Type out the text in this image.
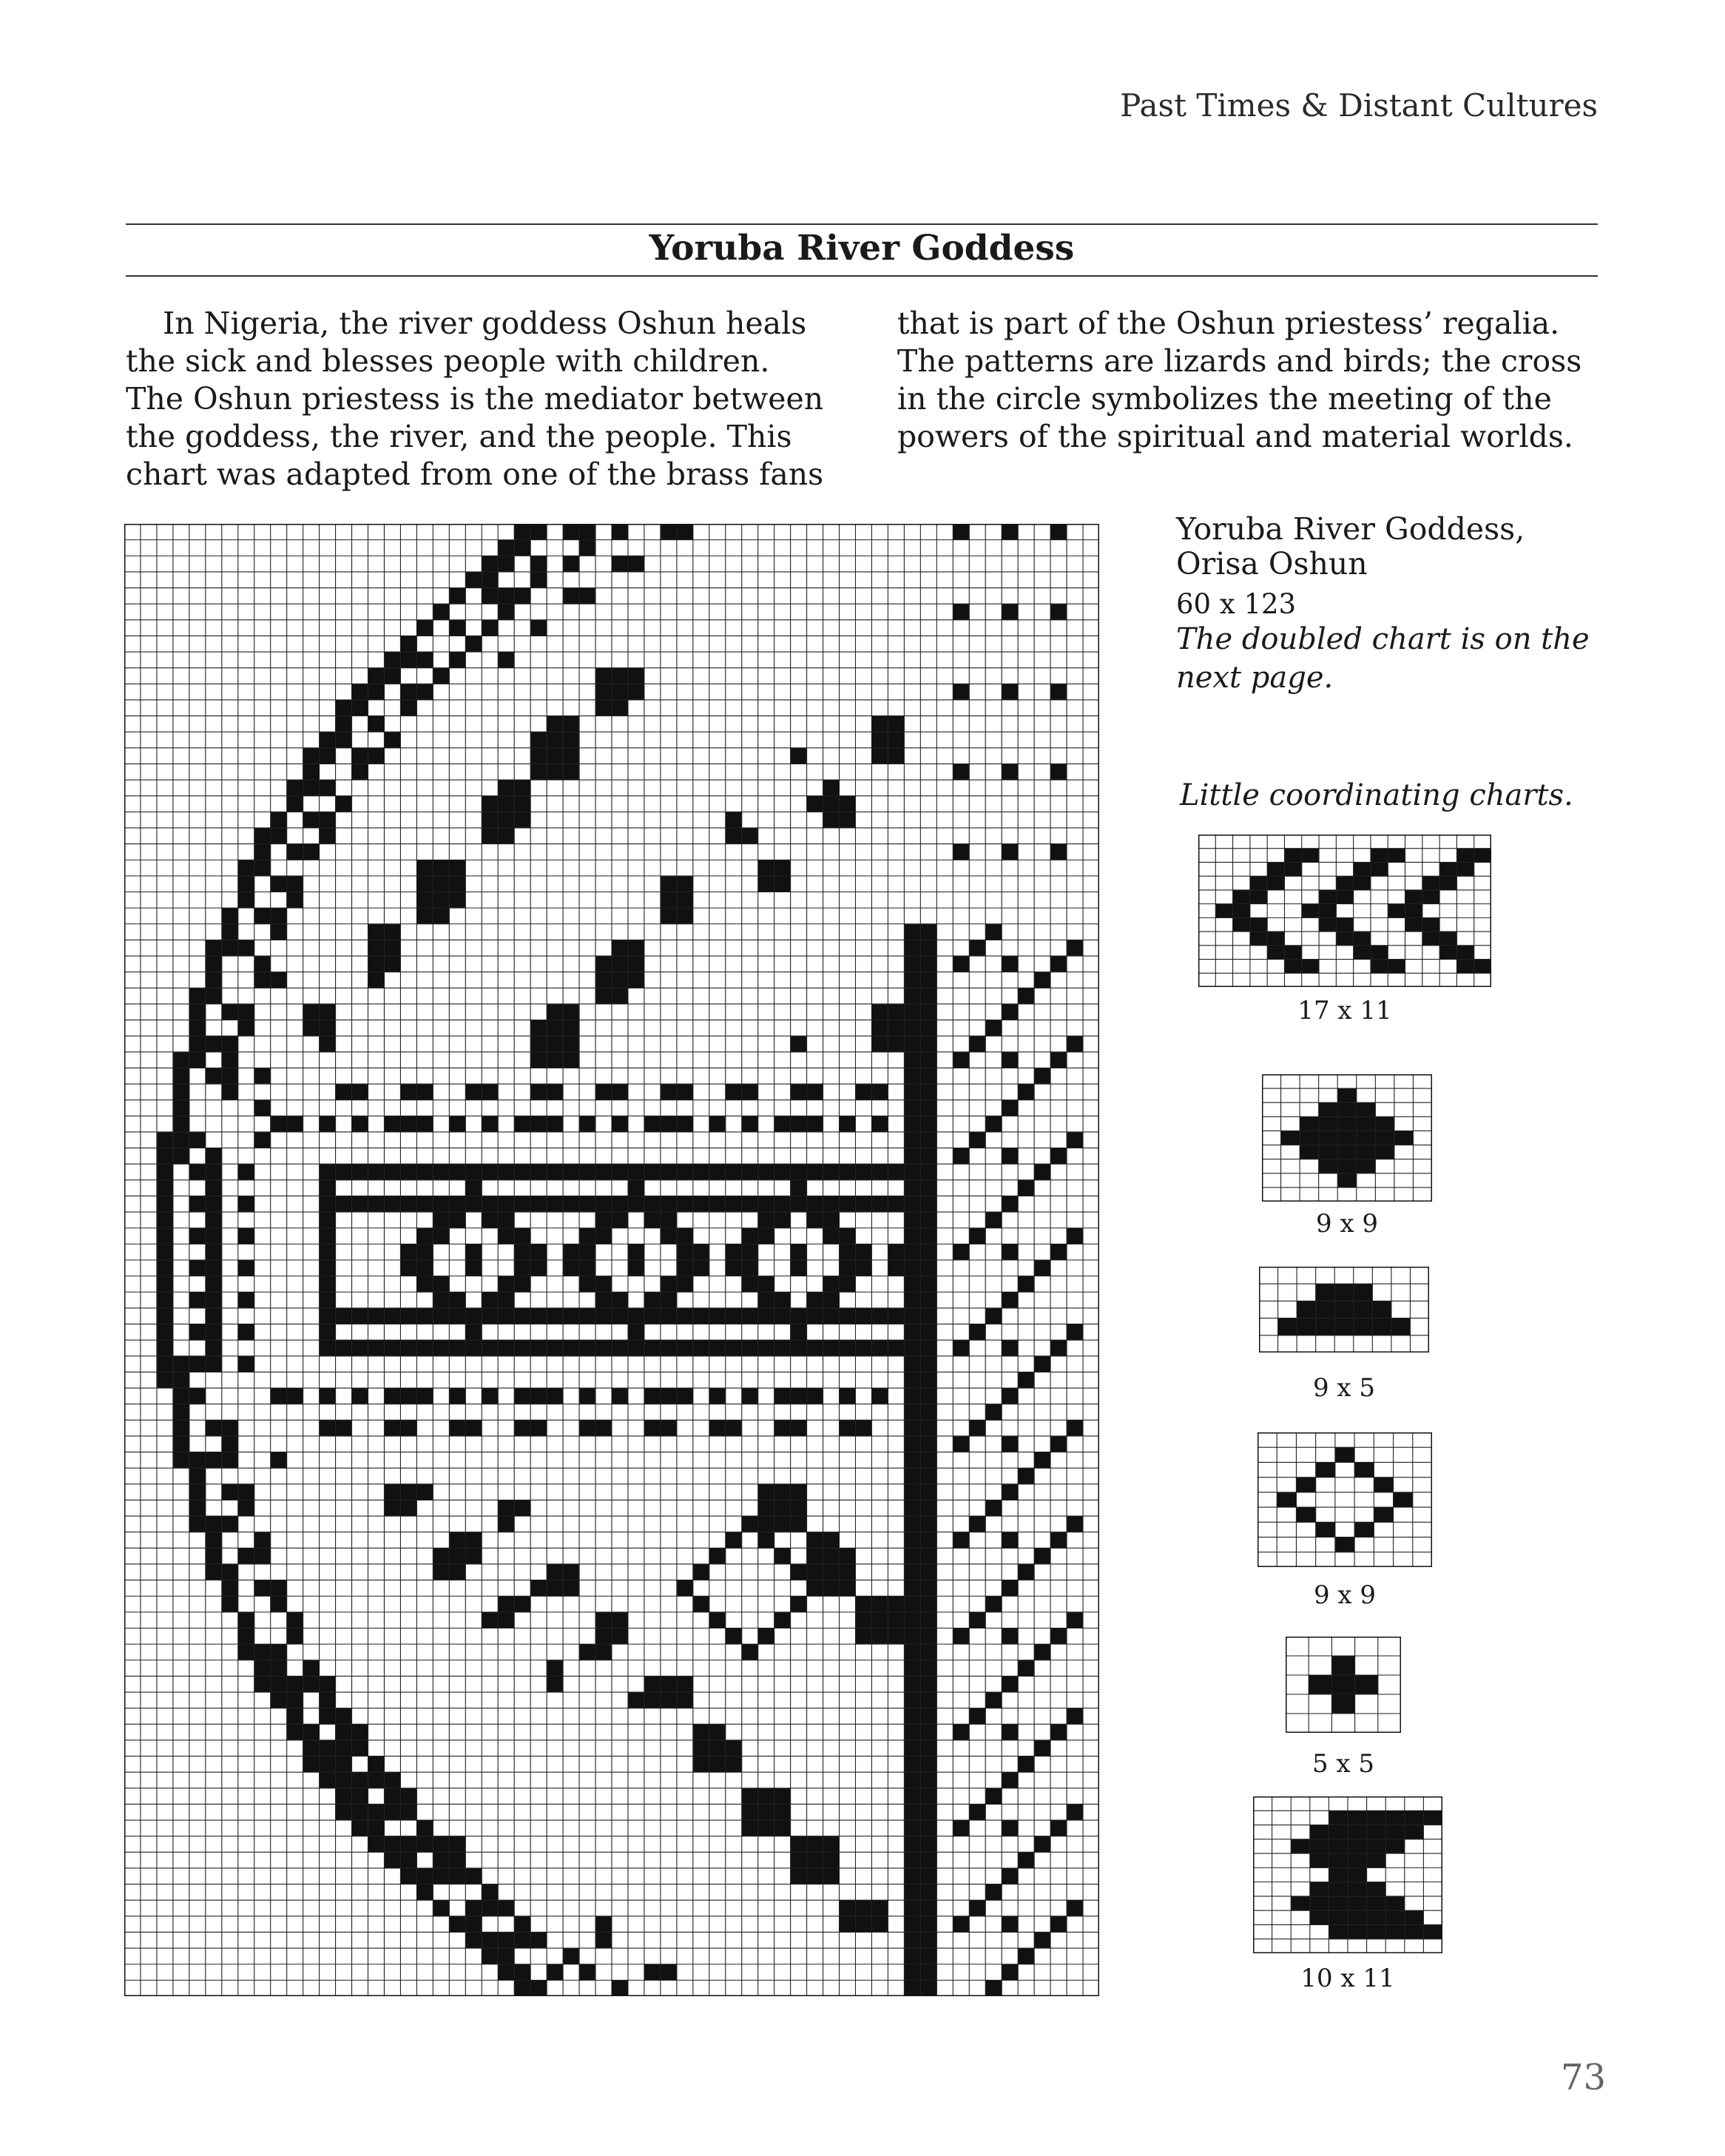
Past Times & Distant Cultures
Yoruba River Goddess

In Nigeria, the river goddess Oshun heals the sick and blesses people with children. The Oshun priestess is the mediator between the goddess, the river, and the people. This chart was adapted from one of the brass fans that is part of the Oshun priestess’ regalia. The patterns are lizards and birds; the cross in the circle symbolizes the meeting of the powers of the spiritual and material worlds.

Yoruba River Goddess,
Orisa Oshun
60 x 123
The doubled chart is on the next page.
Little coordinating charts.
17 x 11
9 x 9
9 x 5
9 x 9
5 x 5
10 x 11
73
